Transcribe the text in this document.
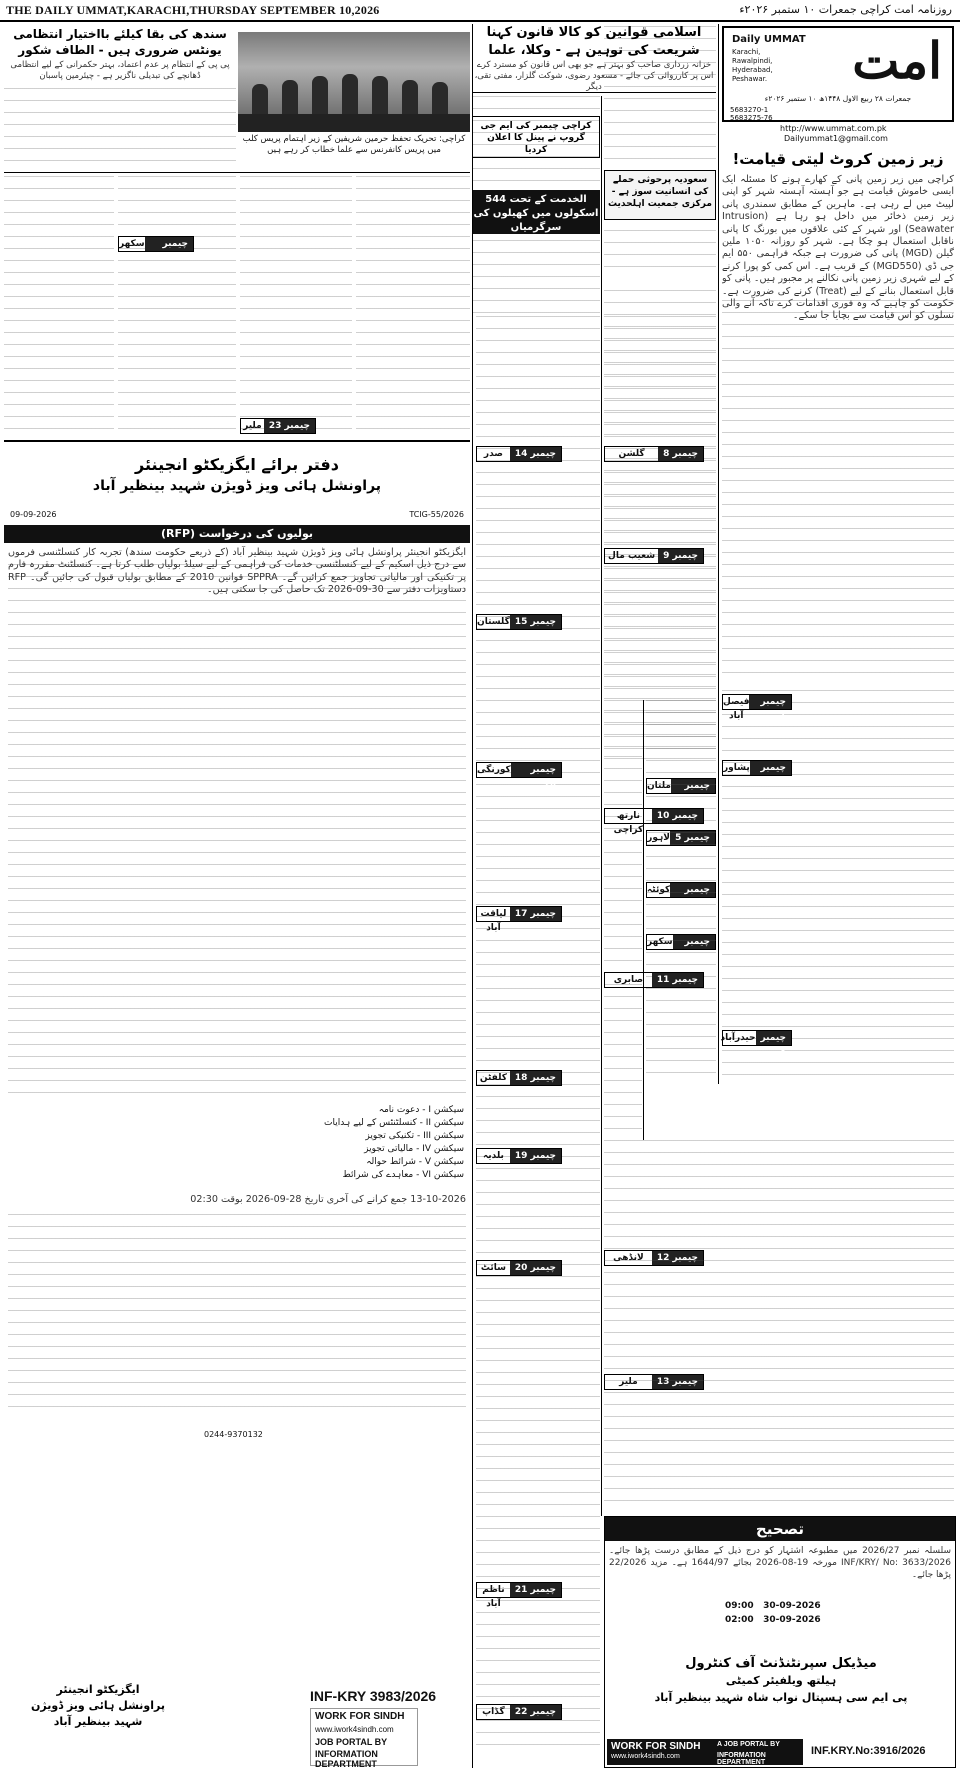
THE DAILY UMMAT,KARACHI,THURSDAY SEPTEMBER 10,2026	روزنامہ امت کراچی جمعرات ۱۰ ستمبر ۲۰۲۶ء
امت
Daily UMMAT
Karachi, Rawalpindi, Hyderabad, Peshawar.
جمعرات ۲۸ ربیع الاول ۱۴۴۸ھ ۱۰ ستمبر ۲۰۲۶ء
5683270-1
5683275-76
http://www.ummat.com.pk
Dailyummat1@gmail.com
زیر زمین کروٹ لیتی قیامت!
کراچی میں زیر زمین پانی کے کھارے ہونے کا مسئلہ ایک ایسی خاموش قیامت ہے جو آہستہ آہستہ شہر کو اپنی لپیٹ میں لے رہی ہے۔ ماہرین کے مطابق سمندری پانی زیر زمین ذخائر میں داخل ہو رہا ہے (Intrusion Seawater) اور شہر کے کئی علاقوں میں بورنگ کا پانی ناقابل استعمال ہو چکا ہے۔ شہر کو روزانہ ۱۰۵۰ ملین گیلن (MGD) پانی کی ضرورت ہے جبکہ فراہمی ۵۵۰ ایم جی ڈی (MGD550) کے قریب ہے۔ اس کمی کو پورا کرنے کے لیے شہری زیر زمین پانی نکالنے پر مجبور ہیں۔ پانی کو قابل استعمال بنانے کے لیے (Treat) کرنے کی ضرورت ہے۔ حکومت کو چاہیے کہ وہ فوری اقدامات کرے تاکہ آنے والی نسلوں کو اس قیامت سے بچایا جا سکے۔
چیمبر 1
فیصل آباد
چیمبر 2
پشاور
چیمبر 3
حیدرآباد
چیمبر 4
ملتان
چیمبر 5
لاہور
چیمبر 6
کوئٹہ
چیمبر 7
سکھر
سعودیہ پرحوثی حملے کی انسانیت سوز ہے - مرکزی جمعیت اہلحدیث
اسلامی قوانین کو کالا قانون کہنا شریعت کی توہین ہے - وکلا، علما
خزانہ زرداری صاحب کو بہتر ہے جو بھی اس قانون کو مسترد کرے اس پر کارروائی کی جائے - مسعود رضوی، شوکت گلزار، مفتی تقی، دیگر
کراچی چیمبر کی ایم جی گروپ نے پینل کا اعلان کردیا
الخدمت کے تحت 544 اسکولوں میں کھیلوں کی سرگرمیاں
کراچی: تحریک تحفظ حرمین شریفین کے زیر اہتمام پریس کلب میں پریس کانفرنس سے علما خطاب کر رہے ہیں
سندھ کی بقا کیلئے بااختیار انتظامی یونٹس ضروری ہیں - الطاف شکور
پی پی کے انتظام پر عدم اعتماد، بہتر حکمرانی کے لیے انتظامی ڈھانچے کی تبدیلی ناگزیر ہے - چیئرمین پاسبان
چیمبر 24
سکھر
چیمبر 23
ملیر
دفتر برائے ایگزیکٹو انجینئر
پراونشل ہائی ویز ڈویژن شہید بینظیر آباد
09-09-2026	TCIG-55/2026
بولیوں کی درخواست (RFP)
ایگزیکٹو انجینئر پراونشل ہائی ویز ڈویژن شہید بینظیر آباد (کے ذریعے حکومت سندھ) تجربہ کار کنسلٹنسی فرموں سے درج ذیل اسکیم کے لیے کنسلٹنسی خدمات کی فراہمی کے لیے سیلڈ بولیاں طلب کرتا ہے۔ کنسلٹنٹ مقررہ فارم پر تکنیکی اور مالیاتی تجاویز جمع کرائیں گے۔ SPPRA قوانین 2010 کے مطابق بولیاں قبول کی جائیں گی۔ RFP دستاویزات دفتر سے 30-09-2026 تک حاصل کی جا سکتی ہیں۔
سیکشن I - دعوت نامہ
سیکشن II - کنسلٹنٹس کے لیے ہدایات
سیکشن III - تکنیکی تجویز
سیکشن IV - مالیاتی تجویز
سیکشن V - شرائط حوالہ
سیکشن VI - معاہدے کی شرائط
13-10-2026 جمع کرانے کی آخری تاریخ 28-09-2026 بوقت 02:30
0244-9370132
ایگزیکٹو انجینئر
پراونشل ہائی ویز ڈویژن
شہید بینظیر آباد
INF-KRY 3983/2026
WORK FOR SINDH
www.iwork4sindh.com
JOB PORTAL BY
INFORMATION DEPARTMENT
چیمبر 14
صدر
چیمبر 15
گلستان
چیمبر 16
کورنگی
چیمبر 17
لیاقت آباد
چیمبر 18
کلفٹن
چیمبر 19
بلدیہ
چیمبر 20
سائٹ
چیمبر 21
ناظم آباد
چیمبر 22
گڈاپ
چیمبر 8
گلشن
چیمبر 9
شعیب مال
چیمبر 10
نارتھ کراچی
چیمبر 11
صابری
چیمبر 12
لانڈھی
چیمبر 13
ملیر
تصحیح
سلسلہ نمبر 2026/27 میں مطبوعہ اشتہار کو درج ذیل کے مطابق درست پڑھا جائے۔ INF/KRY/ No: 3633/2026 مورخہ 19-08-2026 بجائے 1644/97 ہے۔ مزید 22/2026 پڑھا جائے۔
09:00 30-09-2026
02:00 30-09-2026
میڈیکل سپرنٹنڈنٹ آف کنٹرول
ہیلتھ ویلفیئر کمیٹی
پی ایم سی ہسپتال نواب شاہ شہید بینظیر آباد
WORK FOR SINDH
www.iwork4sindh.com
A JOB PORTAL BY
INFORMATION DEPARTMENT
INF.KRY.No:3916/2026
